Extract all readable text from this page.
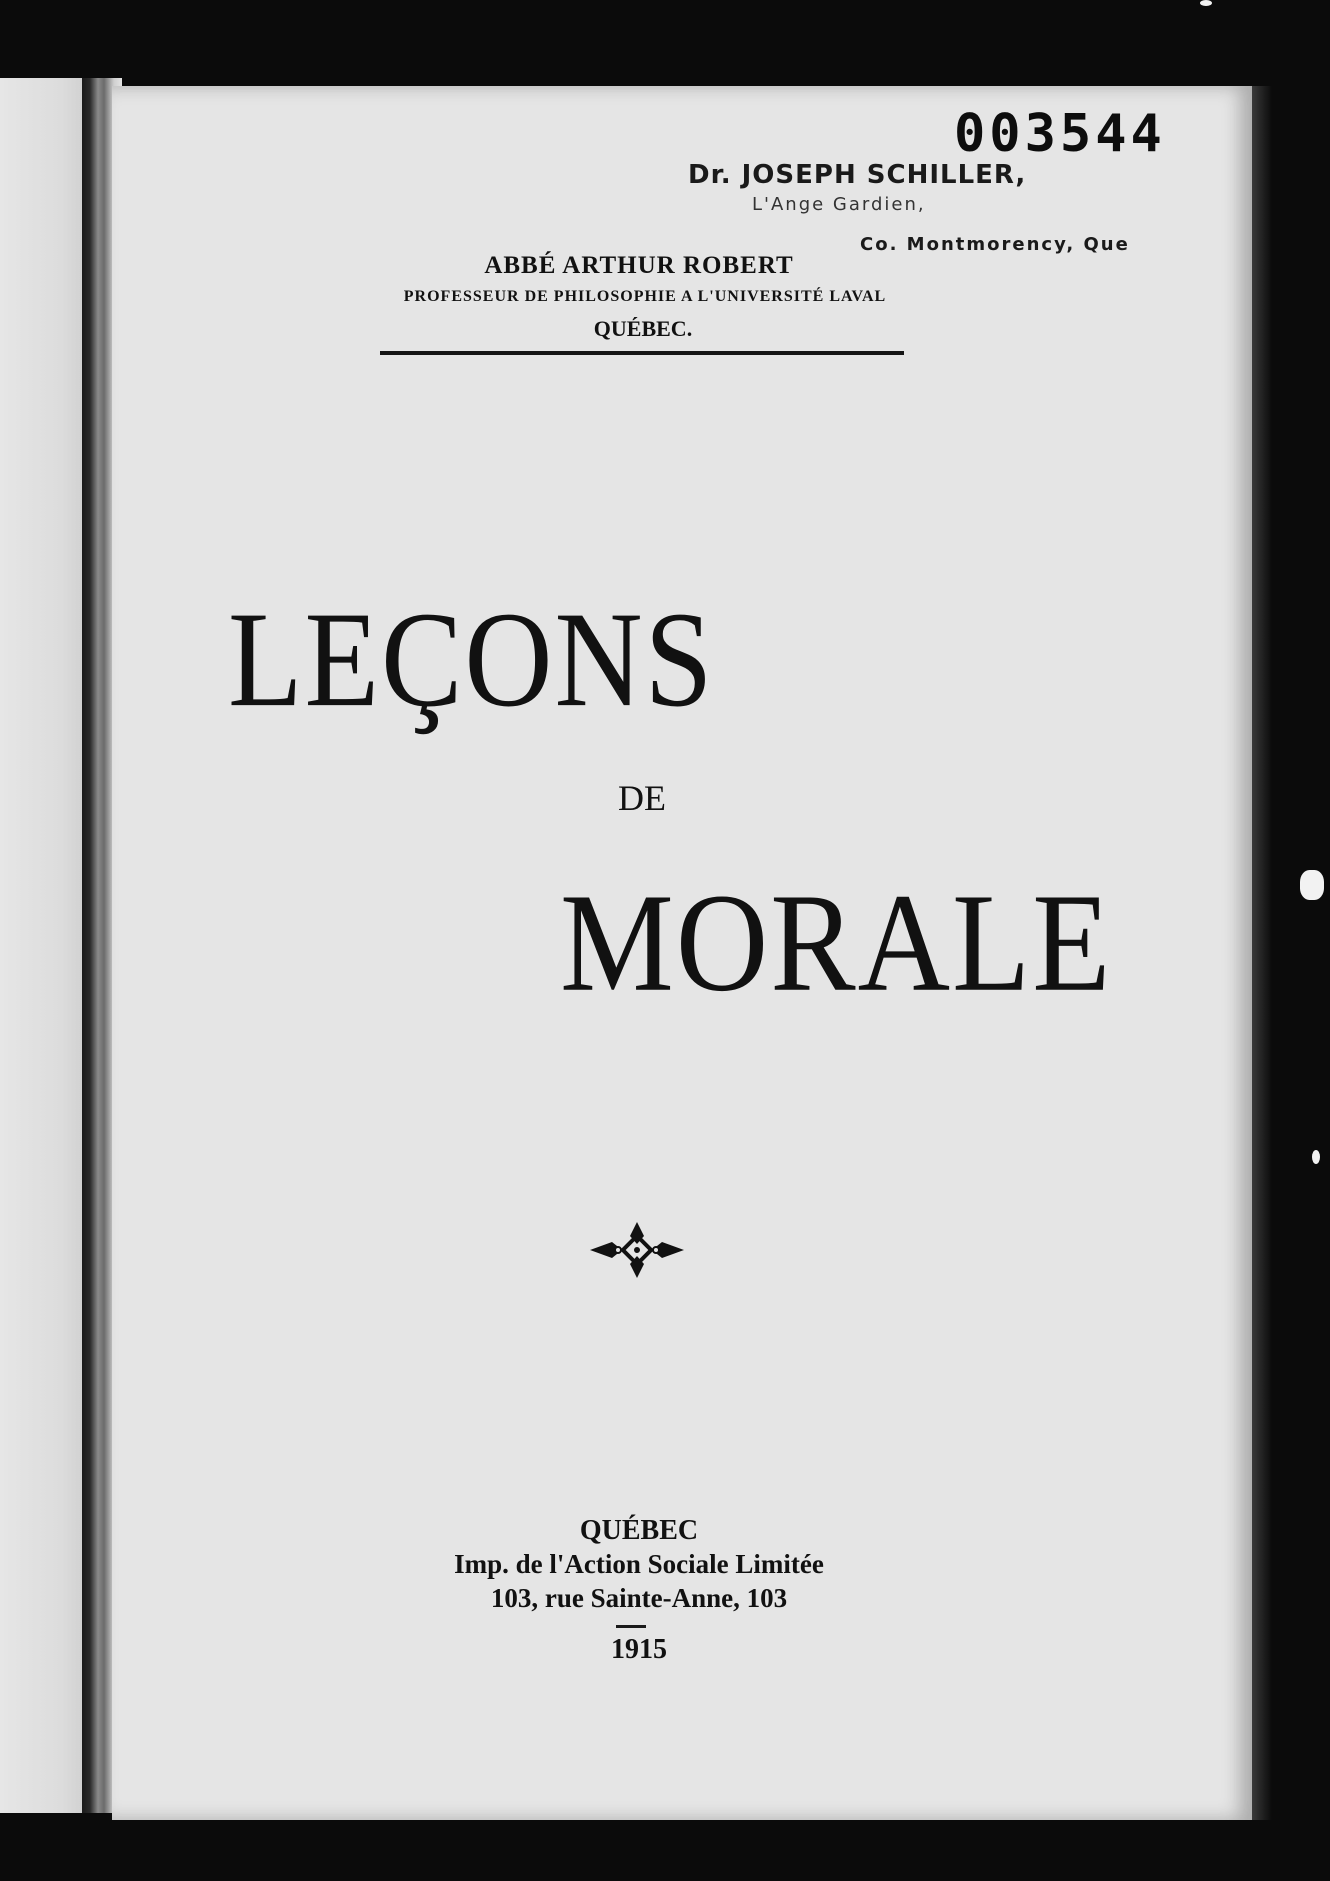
003544
Dr. JOSEPH SCHILLER,
L'Ange Gardien,
Co. Montmorency, Que
ABBÉ ARTHUR ROBERT
PROFESSEUR DE PHILOSOPHIE A L'UNIVERSITÉ LAVAL
QUÉBEC.
LEÇONS
DE
MORALE
QUÉBEC
Imp. de l'Action Sociale Limitée
103, rue Sainte-Anne, 103
1915
